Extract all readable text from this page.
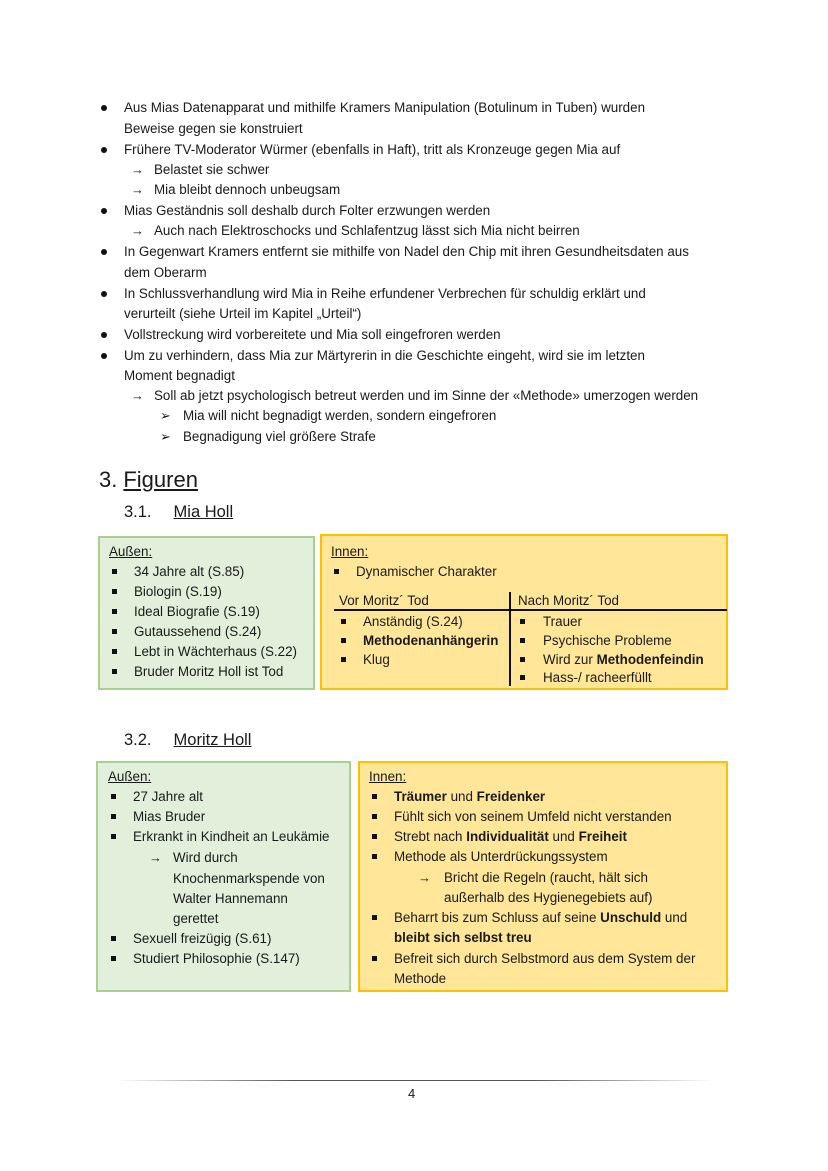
Aus Mias Datenapparat und mithilfe Kramers Manipulation (Botulinum in Tuben) wurden
Beweise gegen sie konstruiert
Frühere TV-Moderator Würmer (ebenfalls in Haft), tritt als Kronzeuge gegen Mia auf
→ Belastet sie schwer
→ Mia bleibt dennoch unbeugsam
Mias Geständnis soll deshalb durch Folter erzwungen werden
→ Auch nach Elektroschocks und Schlafentzug lässt sich Mia nicht beirren
In Gegenwart Kramers entfernt sie mithilfe von Nadel den Chip mit ihren Gesundheitsdaten aus
dem Oberarm
In Schlussverhandlung wird Mia in Reihe erfundener Verbrechen für schuldig erklärt und
verurteilt (siehe Urteil im Kapitel „Urteil“)
Vollstreckung wird vorbereitete und Mia soll eingefroren werden
Um zu verhindern, dass Mia zur Märtyrerin in die Geschichte eingeht, wird sie im letzten
Moment begnadigt
→ Soll ab jetzt psychologisch betreut werden und im Sinne der «Methode» umerzogen werden
➢ Mia will nicht begnadigt werden, sondern eingefroren
➢ Begnadigung viel größere Strafe
3. Figuren
3.1. Mia Holl
Außen:
34 Jahre alt (S.85)
Biologin (S.19)
Ideal Biografie (S.19)
Gutaussehend (S.24)
Lebt in Wächterhaus (S.22)
Bruder Moritz Holl ist Tod
Innen:
Dynamischer Charakter
Vor Moritz´ Tod	Nach Moritz´ Tod
Anständig (S.24)
Methodenanhängerin
Klug
Trauer
Psychische Probleme
Wird zur Methodenfeindin
Hass-/ racheerfüllt
3.2. Moritz Holl
Außen:
27 Jahre alt
Mias Bruder
Erkrankt in Kindheit an Leukämie
→ Wird durch
Knochenmarkspende von
Walter Hannemann
gerettet
Sexuell freizügig (S.61)
Studiert Philosophie (S.147)
Innen:
Träumer und Freidenker
Fühlt sich von seinem Umfeld nicht verstanden
Strebt nach Individualität und Freiheit
Methode als Unterdrückungssystem
→ Bricht die Regeln (raucht, hält sich
außerhalb des Hygienegebiets auf)
Beharrt bis zum Schluss auf seine Unschuld und
bleibt sich selbst treu
Befreit sich durch Selbstmord aus dem System der
Methode
4
